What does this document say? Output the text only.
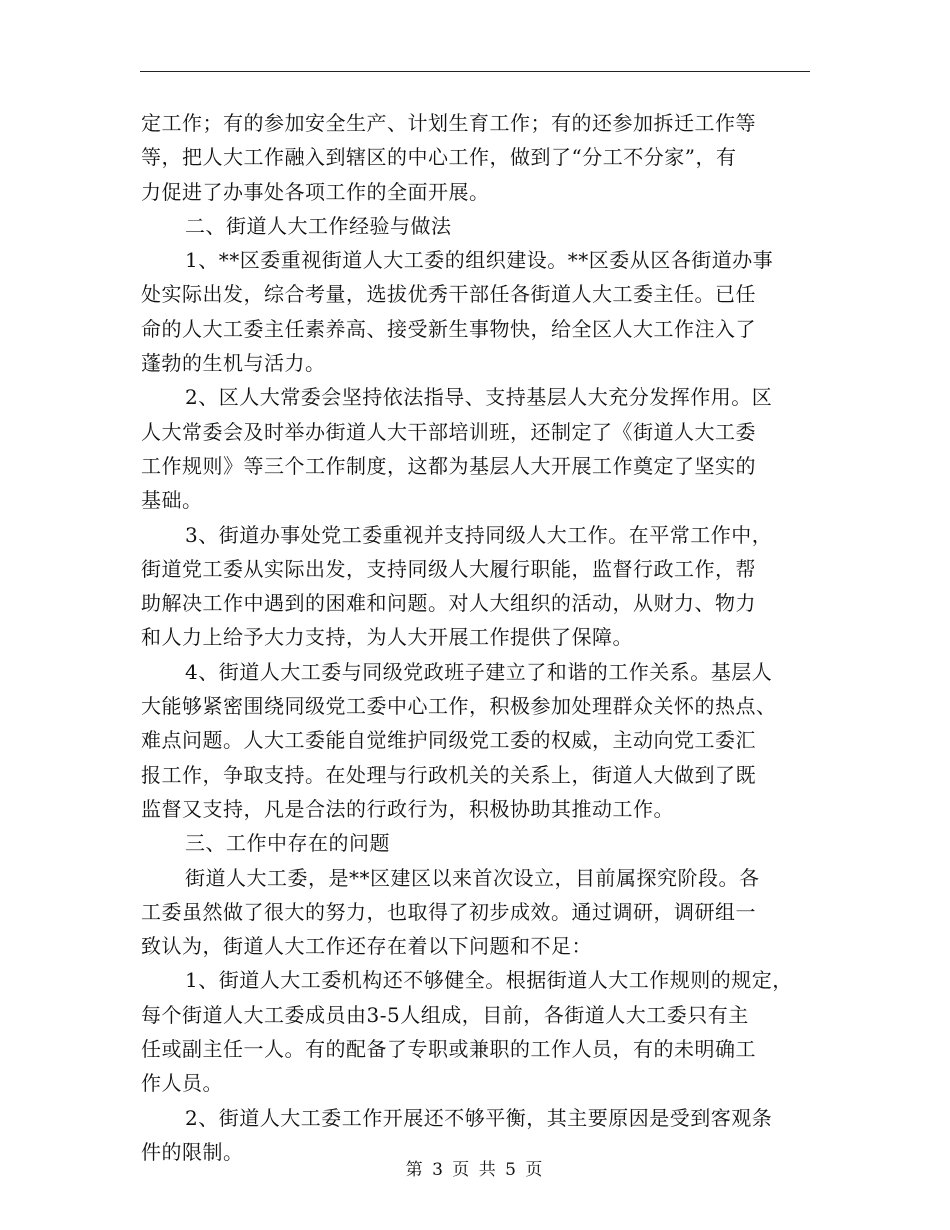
定工作；有的参加安全生产、计划生育工作；有的还参加拆迁工作等
等，把人大工作融入到辖区的中心工作，做到了“分工不分家”，有
力促进了办事处各项工作的全面开展。
二、街道人大工作经验与做法
1、**区委重视街道人大工委的组织建设。**区委从区各街道办事
处实际出发，综合考量，选拔优秀干部任各街道人大工委主任。已任
命的人大工委主任素养高、接受新生事物快，给全区人大工作注入了
蓬勃的生机与活力。
2、区人大常委会坚持依法指导、支持基层人大充分发挥作用。区
人大常委会及时举办街道人大干部培训班，还制定了《街道人大工委
工作规则》等三个工作制度，这都为基层人大开展工作奠定了坚实的
基础。
3、街道办事处党工委重视并支持同级人大工作。在平常工作中，
街道党工委从实际出发，支持同级人大履行职能，监督行政工作，帮
助解决工作中遇到的困难和问题。对人大组织的活动，从财力、物力
和人力上给予大力支持，为人大开展工作提供了保障。
4、街道人大工委与同级党政班子建立了和谐的工作关系。基层人
大能够紧密围绕同级党工委中心工作，积极参加处理群众关怀的热点、
难点问题。人大工委能自觉维护同级党工委的权威，主动向党工委汇
报工作，争取支持。在处理与行政机关的关系上，街道人大做到了既
监督又支持，凡是合法的行政行为，积极协助其推动工作。
三、工作中存在的问题
街道人大工委，是**区建区以来首次设立，目前属探究阶段。各
工委虽然做了很大的努力，也取得了初步成效。通过调研，调研组一
致认为，街道人大工作还存在着以下问题和不足：
1、街道人大工委机构还不够健全。根据街道人大工作规则的规定，
每个街道人大工委成员由3-5人组成，目前，各街道人大工委只有主
任或副主任一人。有的配备了专职或兼职的工作人员，有的未明确工
作人员。
2、街道人大工委工作开展还不够平衡，其主要原因是受到客观条
件的限制。
第 3 页 共 5 页
